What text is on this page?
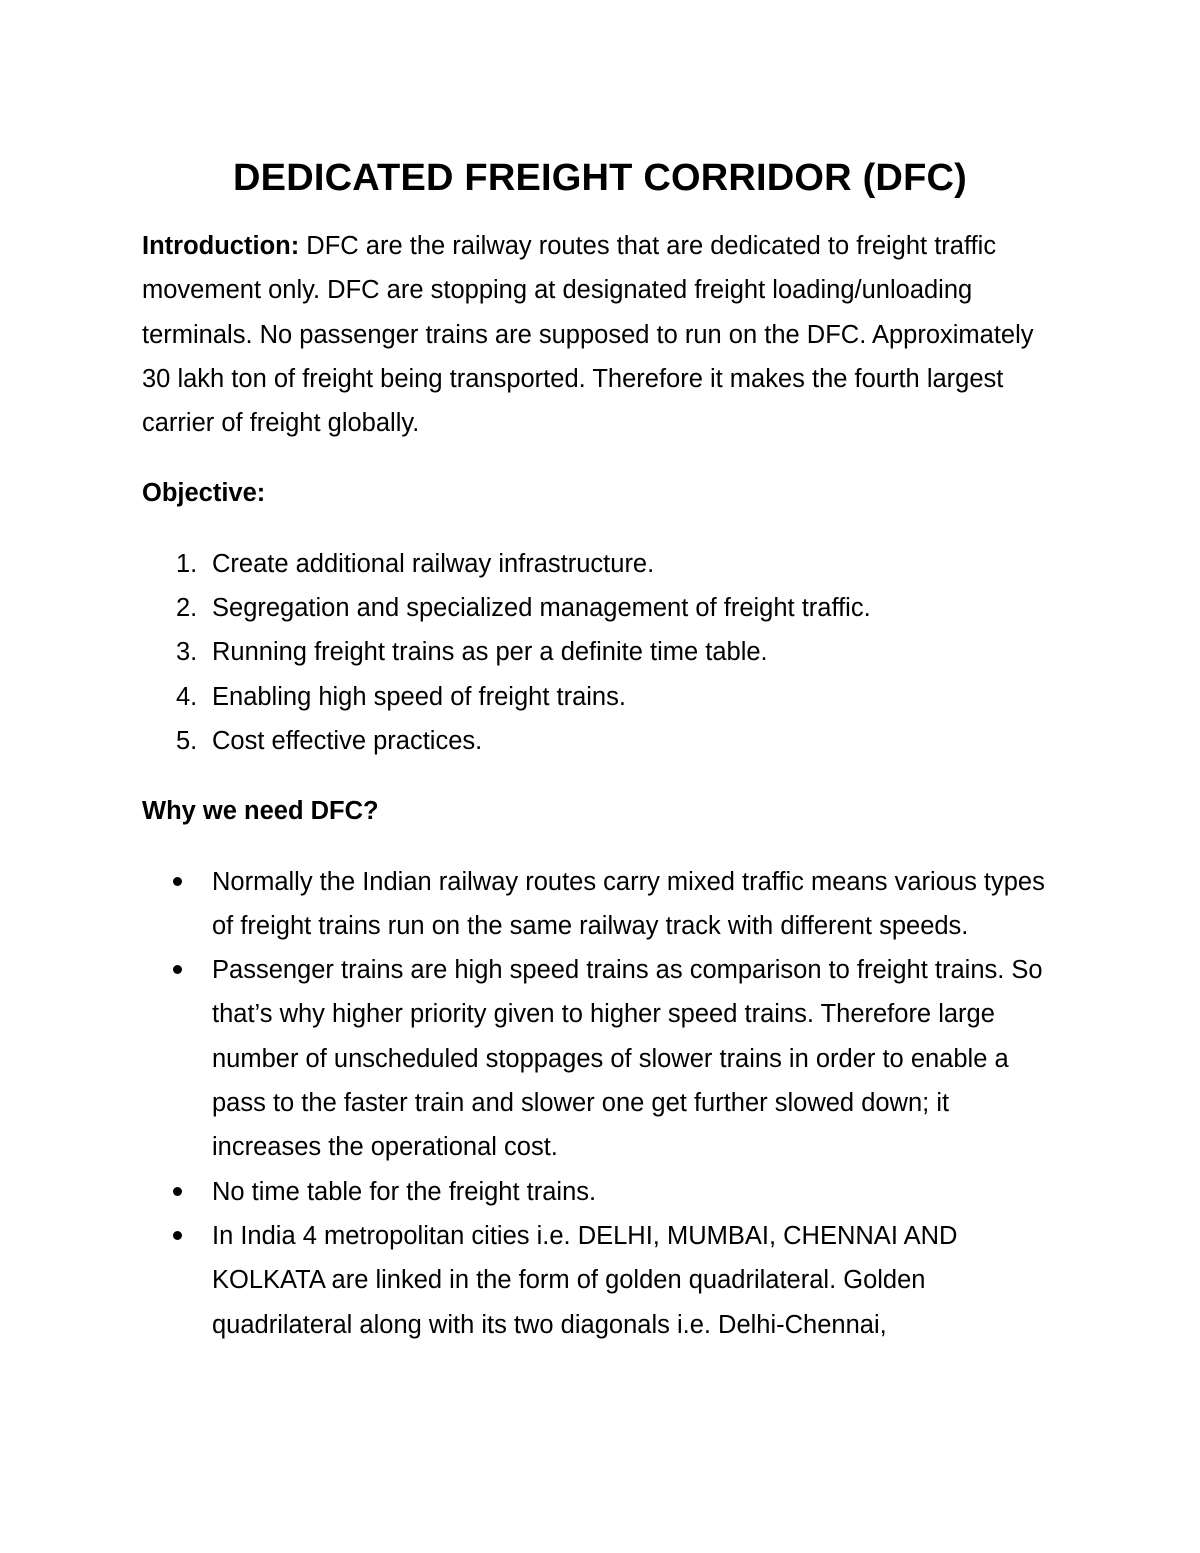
DEDICATED FREIGHT CORRIDOR (DFC)

Introduction: DFC are the railway routes that are dedicated to freight traffic movement only. DFC are stopping at designated freight loading/unloading terminals. No passenger trains are supposed to run on the DFC. Approximately 30 lakh ton of freight being transported. Therefore it makes the fourth largest carrier of freight globally.

Objective:

1. Create additional railway infrastructure.
2. Segregation and specialized management of freight traffic.
3. Running freight trains as per a definite time table.
4. Enabling high speed of freight trains.
5. Cost effective practices.

Why we need DFC?

Normally the Indian railway routes carry mixed traffic means various types of freight trains run on the same railway track with different speeds.
Passenger trains are high speed trains as comparison to freight trains. So that’s why higher priority given to higher speed trains. Therefore large number of unscheduled stoppages of slower trains in order to enable a pass to the faster train and slower one get further slowed down; it increases the operational cost.
No time table for the freight trains.
In India 4 metropolitan cities i.e. DELHI, MUMBAI, CHENNAI AND KOLKATA are linked in the form of golden quadrilateral. Golden quadrilateral along with its two diagonals i.e. Delhi-Chennai,
